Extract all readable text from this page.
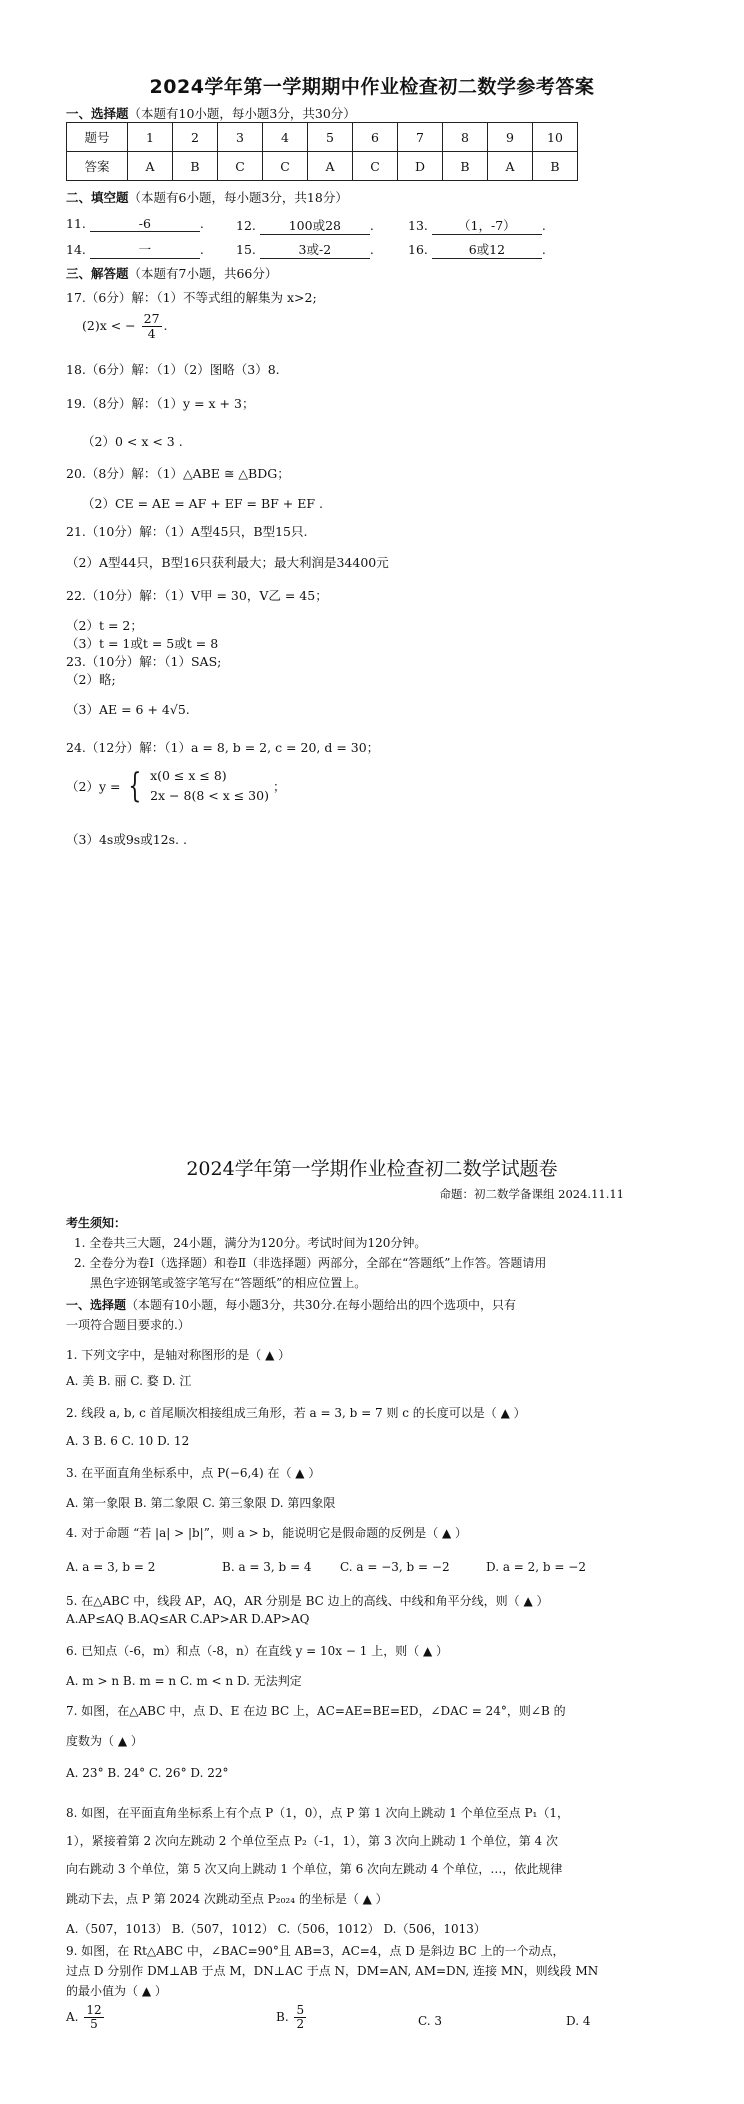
2024学年第一学期期中作业检查初二数学参考答案
一、选择题（本题有10小题，每小题3分，共30分）
题号	1	2	3	4	5	6	7	8	9	10
答案	A	B	C	C	A	C	D	B	A	B
二、填空题（本题有6小题，每小题3分，共18分）
11.	-6	.	12.	100或28 .	13. （1，-7） .
14.	一	.	15.	3或-2	.	16.	6或12	.
三、解答题（本题有7小题，共66分）
17.（6分）解：（1）不等式组的解集为 x>2;
(2)x < − $\frac{27}{4}$ .
18.（6分）解：（1）（2）图略（3）8.
19.（8分）解：（1）y = x + 3；
（2）0 < x < 3 .
20.（8分）解：（1）△ABE ≅ △BDG；
（2）CE = AE = AF + EF = BF + EF .
21.（10分）解：（1）A型45只，B型15只.
（2）A型44只，B型16只获利最大；最大利润是34400元
22.（10分）解：（1）V甲 = 30，V乙 = 45；
（2）t = 2；
（3）t = 1或t = 5或t = 8
23.（10分）解：（1）SAS;
（2）略;
（3）AE = 6 + 4√5.
24.（12分）解：（1）a = 8, b = 2, c = 20, d = 30；
（2）y = { x(0 ≤ x ≤ 8)
2x − 8(8 < x ≤ 30)
；
（3）4s或9s或12s. .
2024学年第一学期作业检查初二数学试题卷
命题：初二数学备课组 2024.11.11
考生须知：
1. 全卷共三大题，24小题，满分为120分。考试时间为120分钟。
2. 全卷分为卷Ⅰ（选择题）和卷Ⅱ（非选择题）两部分，全部在“答题纸”上作答。答题请用
黑色字迹钢笔或签字笔写在“答题纸”的相应位置上。
一、选择题（本题有10小题，每小题3分，共30分.在每小题给出的四个选项中，只有
一项符合题目要求的.）
1. 下列文字中，是轴对称图形的是（ ▲ ）
A. 美 B. 丽 C. 婺 D. 江
2. 线段 a, b, c 首尾顺次相接组成三角形，若 a = 3, b = 7 则 c 的长度可以是（ ▲ ）
A. 3 B. 6 C. 10 D. 12
3. 在平面直角坐标系中，点 P(−6,4) 在（ ▲ ）
A. 第一象限 B. 第二象限 C. 第三象限 D. 第四象限
4. 对于命题 “若 |a| > |b|”，则 a > b，能说明它是假命题的反例是（ ▲ ）
A. a = 3, b = 2	B. a = 3, b = 4 C. a = −3, b = −2	D. a = 2, b = −2
5. 在△ABC 中，线段 AP，AQ，AR 分别是 BC 边上的高线、中线和角平分线，则（ ▲ ）
A.AP≤AQ B.AQ≤AR C.AP>AR D.AP>AQ
6. 已知点（-6，m）和点（-8，n）在直线 y = 10x − 1 上，则（ ▲ ）
A. m > n B. m = n C. m < n D. 无法判定
7. 如图，在△ABC 中，点 D、E 在边 BC 上，AC=AE=BE=ED，∠DAC = 24°，则∠B 的
度数为（ ▲ ）
A. 23° B. 24° C. 26° D. 22°
8. 如图，在平面直角坐标系上有个点 P（1，0），点 P 第 1 次向上跳动 1 个单位至点 P₁（1，
1），紧接着第 2 次向左跳动 2 个单位至点 P₂（-1，1），第 3 次向上跳动 1 个单位，第 4 次
向右跳动 3 个单位，第 5 次又向上跳动 1 个单位，第 6 次向左跳动 4 个单位，…，依此规律
跳动下去，点 P 第 2024 次跳动至点 P₂₀₂₄ 的坐标是（ ▲ ）
A.（507，1013） B.（507，1012） C.（506，1012） D.（506，1013）
9. 如图，在 Rt△ABC 中，∠BAC=90°且 AB=3，AC=4，点 D 是斜边 BC 上的一个动点，
过点 D 分别作 DM⊥AB 于点 M，DN⊥AC 于点 N，DM=AN, AM=DN, 连接 MN，则线段 MN
的最小值为（ ▲ ）
A. $\frac{12}{5}$	B. $\frac{5}{2}$	C. 3	D. 4
